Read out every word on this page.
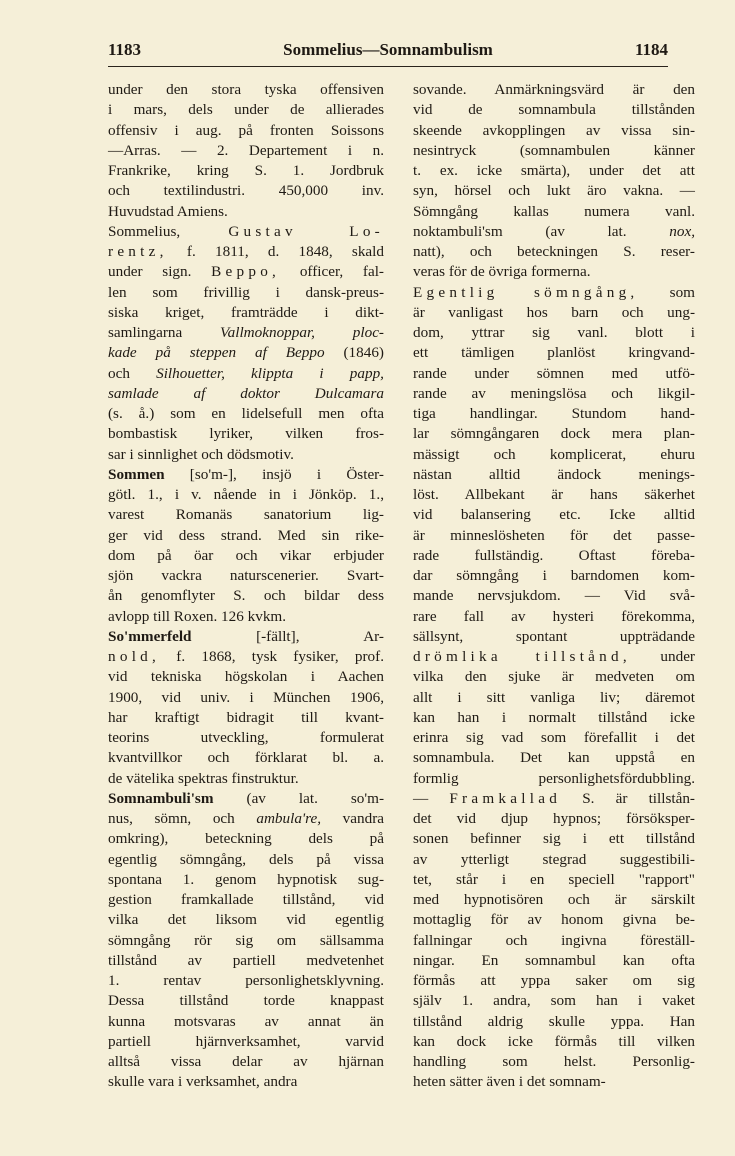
1183	Sommelius—Somnambulism	1184
under den stora tyska offensiven
i mars, dels under de allierades
offensiv i aug. på fronten Soissons
—Arras. — 2. Departement i n.
Frankrike, kring S. 1. Jordbruk
och textilindustri. 450,000 inv.
Huvudstad Amiens.
Sommelius, Gustav Lo-
rentz, f. 1811, d. 1848, skald
under sign. Beppo, officer, fal-
len som frivillig i dansk-preus-
siska kriget, framträdde i dikt-
samlingarna Vallmoknoppar, ploc-
kade på steppen af Beppo (1846)
och Silhouetter, klippta i papp,
samlade af doktor Dulcamara
(s. å.) som en lidelsefull men ofta
bombastisk lyriker, vilken fros-
sar i sinnlighet och dödsmotiv.
Sommen [so'm-], insjö i Öster-
götl. 1., i v. nående in i Jönköp. 1.,
varest Romanäs sanatorium lig-
ger vid dess strand. Med sin rike-
dom på öar och vikar erbjuder
sjön vackra naturscenerier. Svart-
ån genomflyter S. och bildar dess
avlopp till Roxen. 126 kvkm.
So'mmerfeld [-fällt], Ar-
nold, f. 1868, tysk fysiker, prof.
vid tekniska högskolan i Aachen
1900, vid univ. i München 1906,
har kraftigt bidragit till kvant-
teorins utveckling, formulerat
kvantvillkor och förklarat bl. a.
de vätelika spektras finstruktur.
Somnambuli'sm (av lat. so'm-
nus, sömn, och ambula're, vandra
omkring), beteckning dels på
egentlig sömngång, dels på vissa
spontana 1. genom hypnotisk sug-
gestion framkallade tillstånd, vid
vilka det liksom vid egentlig
sömngång rör sig om sällsamma
tillstånd av partiell medvetenhet
1. rentav personlighetsklyvning.
Dessa tillstånd torde knappast
kunna motsvaras av annat än
partiell hjärnverksamhet, varvid
alltså vissa delar av hjärnan
skulle vara i verksamhet, andra
sovande. Anmärkningsvärd är den
vid de somnambula tillstånden
skeende avkopplingen av vissa sin-
nesintryck (somnambulen känner
t. ex. icke smärta), under det att
syn, hörsel och lukt äro vakna. —
Sömngång kallas numera vanl.
noktambuli'sm (av lat. nox,
natt), och beteckningen S. reser-
veras för de övriga formerna.
Egentlig sömngång, som
är vanligast hos barn och ung-
dom, yttrar sig vanl. blott i
ett tämligen planlöst kringvand-
rande under sömnen med utfö-
rande av meningslösa och likgil-
tiga handlingar. Stundom hand-
lar sömngångaren dock mera plan-
mässigt och komplicerat, ehuru
nästan alltid ändock menings-
löst. Allbekant är hans säkerhet
vid balansering etc. Icke alltid
är minneslösheten för det passe-
rade fullständig. Oftast föreba-
dar sömngång i barndomen kom-
mande nervsjukdom. — Vid svå-
rare fall av hysteri förekomma,
sällsynt, spontant uppträdande
drömlika tillstånd, under
vilka den sjuke är medveten om
allt i sitt vanliga liv; däremot
kan han i normalt tillstånd icke
erinra sig vad som förefallit i det
somnambula. Det kan uppstå en
formlig personlighetsfördubbling.
— Framkallad S. är tillstån-
det vid djup hypnos; försöksper-
sonen befinner sig i ett tillstånd
av ytterligt stegrad suggestibili-
tet, står i en speciell "rapport"
med hypnotisören och är särskilt
mottaglig för av honom givna be-
fallningar och ingivna föreställ-
ningar. En somnambul kan ofta
förmås att yppa saker om sig
själv 1. andra, som han i vaket
tillstånd aldrig skulle yppa. Han
kan dock icke förmås till vilken
handling som helst. Personlig-
heten sätter även i det somnam-
